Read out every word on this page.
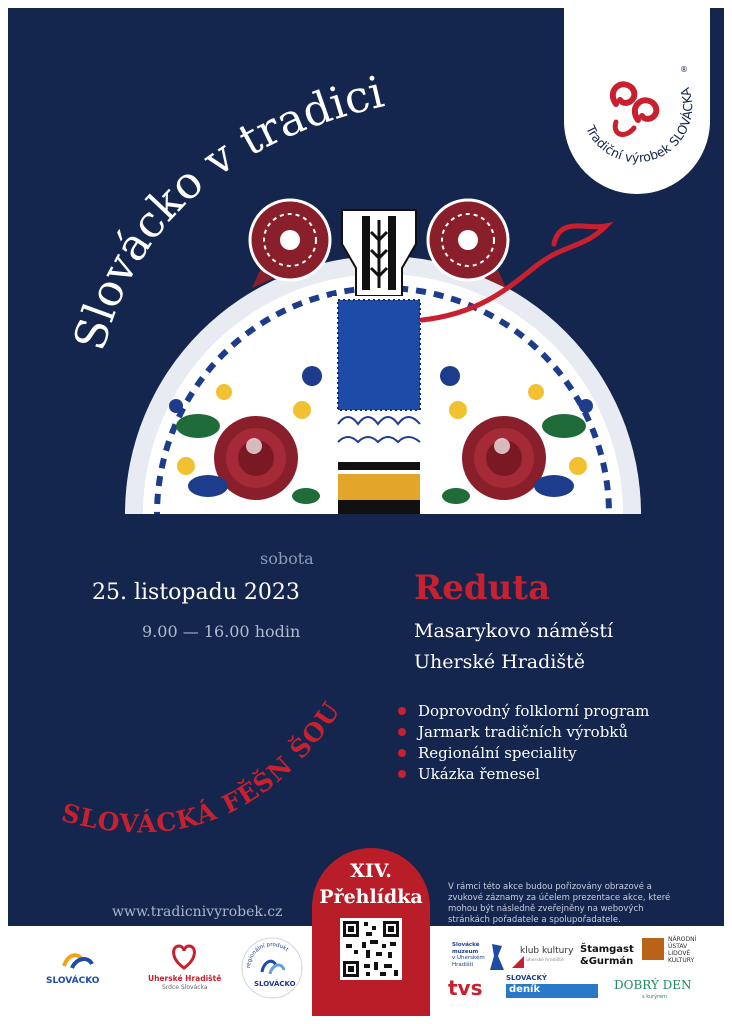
Slovácko v tradici
Tradiční výrobek SLOVÁCKA
®
sobota
25. listopadu 2023
9.00 — 16.00 hodin
Reduta
Masarykovo náměstí
Uherské Hradiště
Doprovodný folklorní program
Jarmark tradičních výrobků
Regionální speciality
Ukázka řemesel
SLOVÁCKÁ FĚŠN ŠOU
www.tradicnivyrobek.cz
V rámci této akce budou pořizovány obrazové a zvukové záznamy za účelem prezentace akce, které mohou být následně zveřejněny na webových stránkách pořadatele a spolupořadatele.
XIV.
Přehlídka
SLOVÁCKO	Uherské Hradiště
Srdce Slovácka
regionální produkt
SLOVÁCKO
Slovácké
muzeum
v Uherském
Hradišti
klub kultury
uherské hradiště
Štamgast
&Gurmán
NÁRODNÍ
ÚSTAV
LIDOVÉ
KULTURY
tvs	SLOVÁCKÝ
deník	DOBRÝ DEN
s kurýrem
